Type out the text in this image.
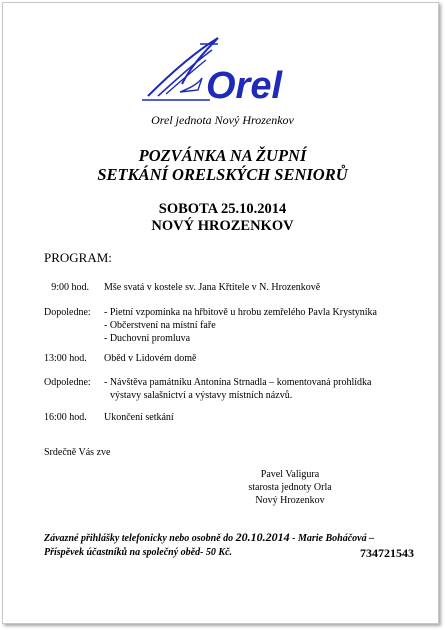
Orel
Orel jednota Nový Hrozenkov
POZVÁNKA NA ŽUPNÍ
SETKÁNÍ ORELSKÝCH SENIORŮ
SOBOTA 25.10.2014
NOVÝ HROZENKOV
PROGRAM:
9:00 hod. Mše svatá v kostele sv. Jana Křtitele v N. Hrozenkově
Dopoledne:	- Pietní vzpomínka na hřbitově u hrobu zemřelého Pavla Krystyníka
- Občerstvení na místní faře
- Duchovní promluva
13:00 hod.	Oběd v Lidovém domě
Odpoledne:	- Návštěva památníku Antonína Strnadla – komentovaná prohlídka
výstavy salašnictví a výstavy místních názvů.
16:00 hod.	Ukončení setkání
Srdečně Vás zve
Pavel Valigura
starosta jednoty Orla
Nový Hrozenkov
Závazné přihlášky telefonicky nebo osobně do 20.10.2014 - Marie Boháčová –
Příspěvek účastníků na společný oběd- 50 Kč.	734721543
